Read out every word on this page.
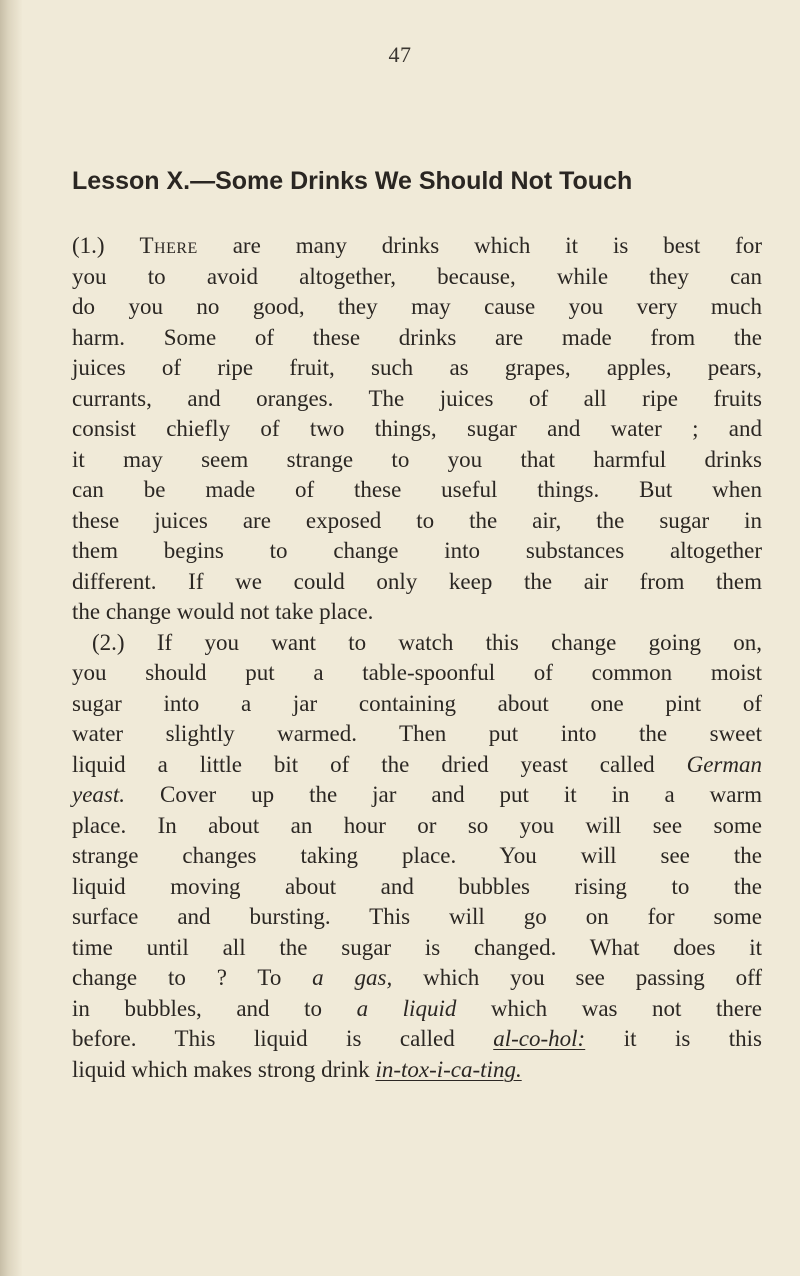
47
Lesson X.—Some Drinks We Should Not Touch
(1.) There are many drinks which it is best for
you to avoid altogether, because, while they can
do you no good, they may cause you very much
harm. Some of these drinks are made from the
juices of ripe fruit, such as grapes, apples, pears,
currants, and oranges. The juices of all ripe fruits
consist chiefly of two things, sugar and water ; and
it may seem strange to you that harmful drinks
can be made of these useful things. But when
these juices are exposed to the air, the sugar in
them begins to change into substances altogether
different. If we could only keep the air from them
the change would not take place.
(2.) If you want to watch this change going on,
you should put a table-spoonful of common moist
sugar into a jar containing about one pint of
water slightly warmed. Then put into the sweet
liquid a little bit of the dried yeast called German
yeast. Cover up the jar and put it in a warm
place. In about an hour or so you will see some
strange changes taking place. You will see the
liquid moving about and bubbles rising to the
surface and bursting. This will go on for some
time until all the sugar is changed. What does it
change to ? To a gas, which you see passing off
in bubbles, and to a liquid which was not there
before. This liquid is called al-co-hol: it is this
liquid which makes strong drink in-tox-i-ca-ting.
